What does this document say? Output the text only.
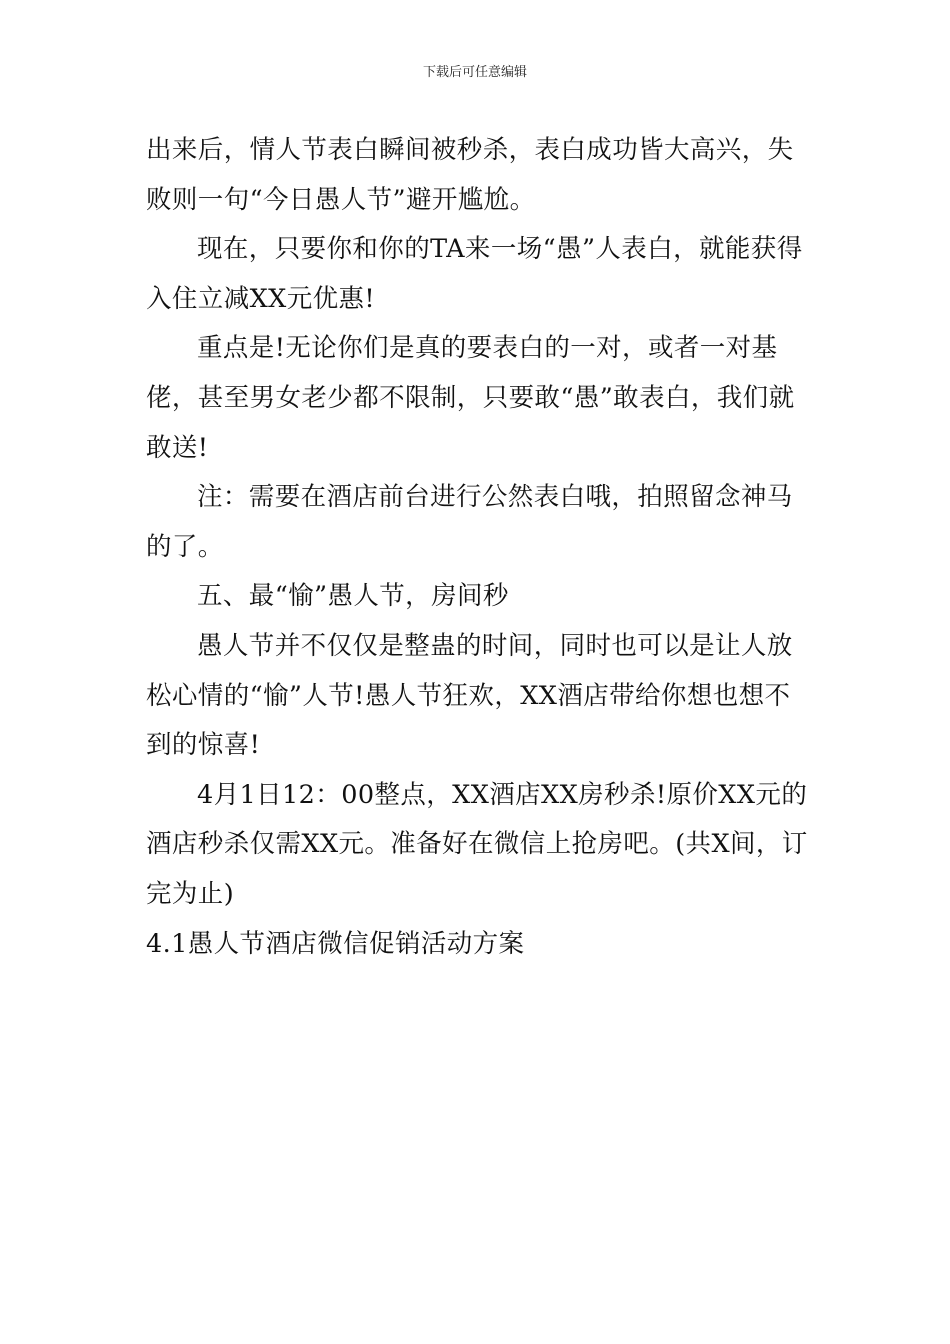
下载后可任意编辑

出来后，情人节表白瞬间被秒杀，表白成功皆大高兴，失败则一句“今日愚人节”避开尴尬。

现在，只要你和你的TA来一场“愚”人表白，就能获得入住立减XX元优惠!

重点是!无论你们是真的要表白的一对，或者一对基佬，甚至男女老少都不限制，只要敢“愚”敢表白，我们就敢送!

注：需要在酒店前台进行公然表白哦，拍照留念神马的了。

五、最“愉”愚人节，房间秒

愚人节并不仅仅是整蛊的时间，同时也可以是让人放松心情的“愉”人节!愚人节狂欢，XX酒店带给你想也想不到的惊喜!

4月1日12：00整点，XX酒店XX房秒杀!原价XX元的酒店秒杀仅需XX元。准备好在微信上抢房吧。(共X间，订完为止)

4.1愚人节酒店微信促销活动方案
